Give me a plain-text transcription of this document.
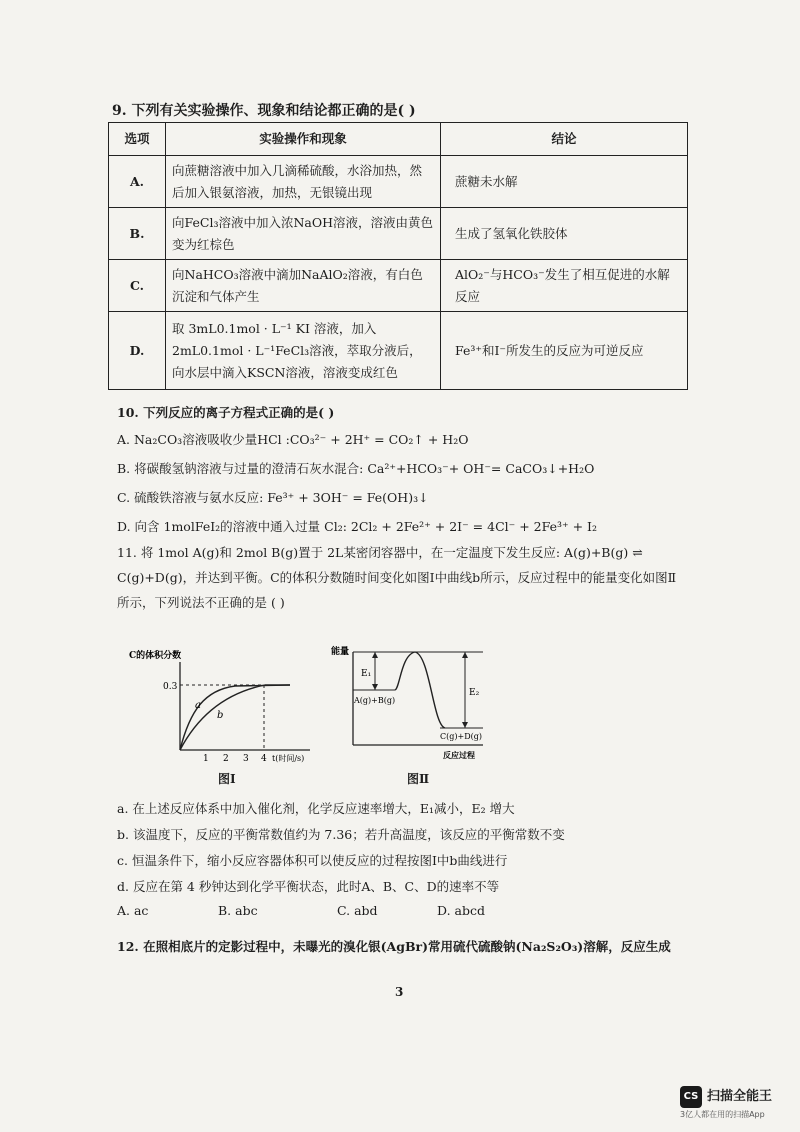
9. 下列有关实验操作、现象和结论都正确的是( )
选项	实验操作和现象	结论
A.	向蔗糖溶液中加入几滴稀硫酸，水浴加热，然后加入银氨溶液，加热，无银镜出现	蔗糖未水解
B.	向FeCl₃溶液中加入浓NaOH溶液，溶液由黄色变为红棕色	生成了氢氧化铁胶体
C.	向NaHCO₃溶液中滴加NaAlO₂溶液，有白色沉淀和气体产生	AlO₂⁻与HCO₃⁻发生了相互促进的水解反应
D.	取 3mL0.1mol · L⁻¹ KI 溶液，加入 2mL0.1mol · L⁻¹FeCl₃溶液，萃取分液后，向水层中滴入KSCN溶液，溶液变成红色	Fe³⁺和I⁻所发生的反应为可逆反应
10. 下列反应的离子方程式正确的是( )
A. Na₂CO₃溶液吸收少量HCl :CO₃²⁻ + 2H⁺ = CO₂↑ + H₂O
B. 将碳酸氢钠溶液与过量的澄清石灰水混合: Ca²⁺+HCO₃⁻+ OH⁻= CaCO₃↓+H₂O
C. 硫酸铁溶液与氨水反应: Fe³⁺ + 3OH⁻ = Fe(OH)₃↓
D. 向含 1molFeI₂的溶液中通入过量 Cl₂: 2Cl₂ + 2Fe²⁺ + 2I⁻ = 4Cl⁻ + 2Fe³⁺ + I₂
11. 将 1mol A(g)和 2mol B(g)置于 2L某密闭容器中，在一定温度下发生反应: A(g)+B(g) ⇌ C(g)+D(g)，并达到平衡。C的体积分数随时间变化如图Ⅰ中曲线b所示，反应过程中的能量变化如图Ⅱ所示，下列说法不正确的是 ( )
0.3
C的体积分数
a
b
1 2 3 4 t(时间/s)
图Ⅰ
能量
E₁
E₂
A(g)+B(g)
C(g)+D(g)
反应过程
图Ⅱ
a. 在上述反应体系中加入催化剂，化学反应速率增大，E₁减小，E₂ 增大
b. 该温度下，反应的平衡常数值约为 7.36；若升高温度，该反应的平衡常数不变
c. 恒温条件下，缩小反应容器体积可以使反应的过程按图Ⅰ中b曲线进行
d. 反应在第 4 秒钟达到化学平衡状态，此时A、B、C、D的速率不等
A. ac	B. abc	C. abd	D. abcd
12. 在照相底片的定影过程中，未曝光的溴化银(AgBr)常用硫代硫酸钠(Na₂S₂O₃)溶解，反应生成
3
CS 扫描全能王
3亿人都在用的扫描App
